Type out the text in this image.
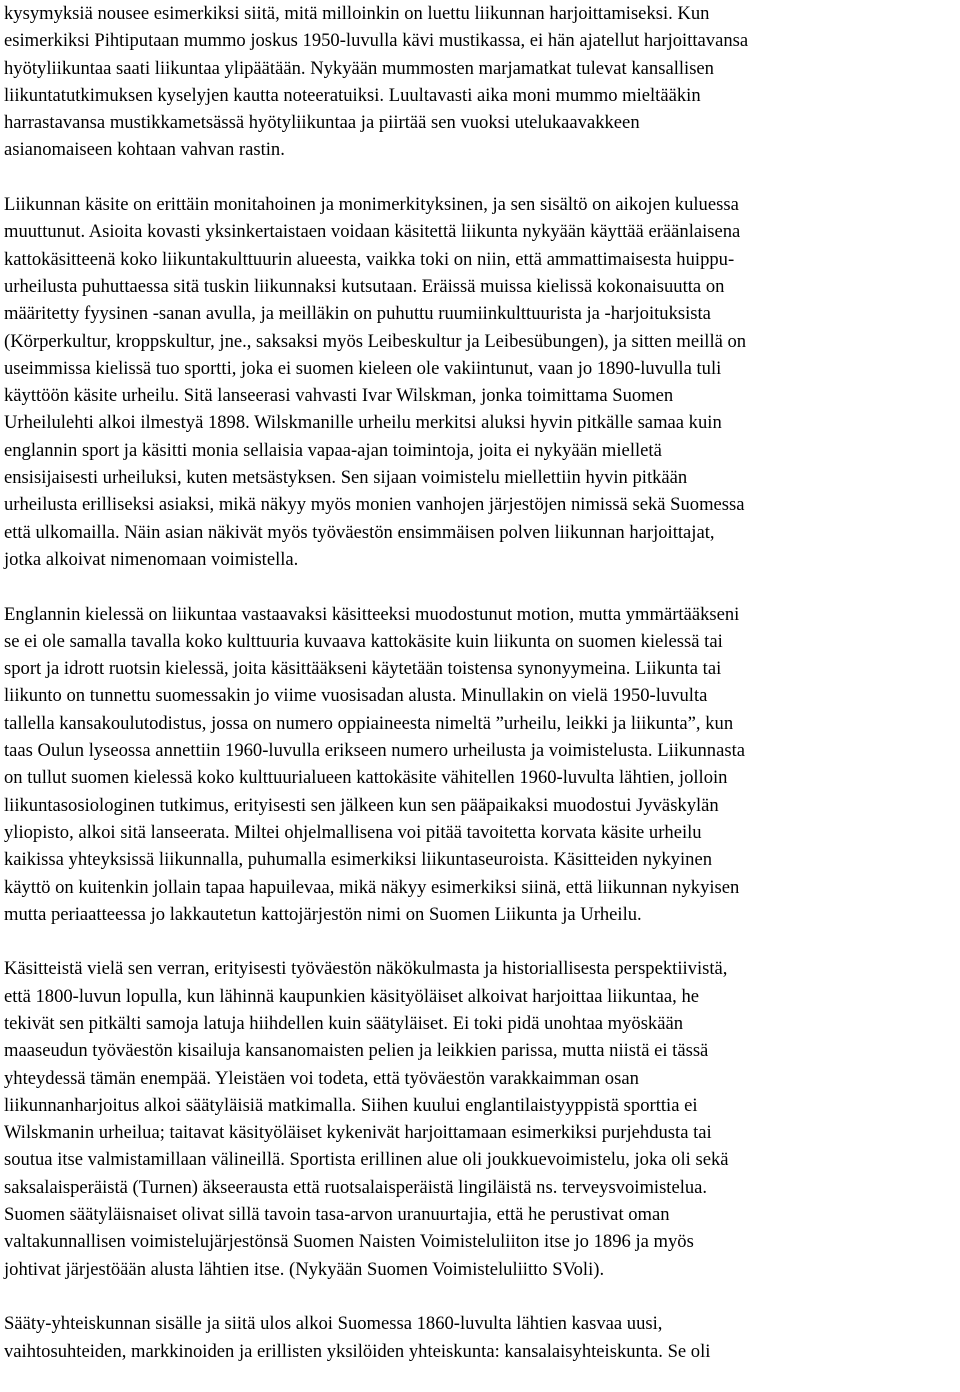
kysymyksiä nousee esimerkiksi siitä, mitä milloinkin on luettu liikunnan harjoittamiseksi. Kun
esimerkiksi Pihtiputaan mummo joskus 1950-luvulla kävi mustikassa, ei hän ajatellut harjoittavansa
hyötyliikuntaa saati liikuntaa ylipäätään. Nykyään mummosten marjamatkat tulevat kansallisen
liikuntatutkimuksen kyselyjen kautta noteeratuiksi. Luultavasti aika moni mummo mieltääkin
harrastavansa mustikkametsässä hyötyliikuntaa ja piirtää sen vuoksi utelukaavakkeen
asianomaiseen kohtaan vahvan rastin.

Liikunnan käsite on erittäin monitahoinen ja monimerkityksinen, ja sen sisältö on aikojen kuluessa
muuttunut. Asioita kovasti yksinkertaistaen voidaan käsitettä liikunta nykyään käyttää eräänlaisena
kattokäsitteenä koko liikuntakulttuurin alueesta, vaikka toki on niin, että ammattimaisesta huippu-
urheilusta puhuttaessa sitä tuskin liikunnaksi kutsutaan. Eräissä muissa kielissä kokonaisuutta on
määritetty fyysinen -sanan avulla, ja meilläkin on puhuttu ruumiinkulttuurista ja -harjoituksista
(Körperkultur, kroppskultur, jne., saksaksi myös Leibeskultur ja Leibesübungen), ja sitten meillä on
useimmissa kielissä tuo sportti, joka ei suomen kieleen ole vakiintunut, vaan jo 1890-luvulla tuli
käyttöön käsite urheilu. Sitä lanseerasi vahvasti Ivar Wilskman, jonka toimittama Suomen
Urheilulehti alkoi ilmestyä 1898. Wilskmanille urheilu merkitsi aluksi hyvin pitkälle samaa kuin
englannin sport ja käsitti monia sellaisia vapaa-ajan toimintoja, joita ei nykyään mielletä
ensisijaisesti urheiluksi, kuten metsästyksen. Sen sijaan voimistelu miellettiin hyvin pitkään
urheilusta erilliseksi asiaksi, mikä näkyy myös monien vanhojen järjestöjen nimissä sekä Suomessa
että ulkomailla. Näin asian näkivät myös työväestön ensimmäisen polven liikunnan harjoittajat,
jotka alkoivat nimenomaan voimistella.

Englannin kielessä on liikuntaa vastaavaksi käsitteeksi muodostunut motion, mutta ymmärtääkseni
se ei ole samalla tavalla koko kulttuuria kuvaava kattokäsite kuin liikunta on suomen kielessä tai
sport ja idrott ruotsin kielessä, joita käsittääkseni käytetään toistensa synonyymeina. Liikunta tai
liikunto on tunnettu suomessakin jo viime vuosisadan alusta. Minullakin on vielä 1950-luvulta
tallella kansakoulutodistus, jossa on numero oppiaineesta nimeltä ”urheilu, leikki ja liikunta”, kun
taas Oulun lyseossa annettiin 1960-luvulla erikseen numero urheilusta ja voimistelusta. Liikunnasta
on tullut suomen kielessä koko kulttuurialueen kattokäsite vähitellen 1960-luvulta lähtien, jolloin
liikuntasosiologinen tutkimus, erityisesti sen jälkeen kun sen pääpaikaksi muodostui Jyväskylän
yliopisto, alkoi sitä lanseerata. Miltei ohjelmallisena voi pitää tavoitetta korvata käsite urheilu
kaikissa yhteyksissä liikunnalla, puhumalla esimerkiksi liikuntaseuroista. Käsitteiden nykyinen
käyttö on kuitenkin jollain tapaa hapuilevaa, mikä näkyy esimerkiksi siinä, että liikunnan nykyisen
mutta periaatteessa jo lakkautetun kattojärjestön nimi on Suomen Liikunta ja Urheilu.

Käsitteistä vielä sen verran, erityisesti työväestön näkökulmasta ja historiallisesta perspektiivistä,
että 1800-luvun lopulla, kun lähinnä kaupunkien käsityöläiset alkoivat harjoittaa liikuntaa, he
tekivät sen pitkälti samoja latuja hiihdellen kuin säätyläiset. Ei toki pidä unohtaa myöskään
maaseudun työväestön kisailuja kansanomaisten pelien ja leikkien parissa, mutta niistä ei tässä
yhteydessä tämän enempää. Yleistäen voi todeta, että työväestön varakkaimman osan
liikunnanharjoitus alkoi säätyläisiä matkimalla. Siihen kuului englantilaistyyppistä sporttia ei
Wilskmanin urheilua; taitavat käsityöläiset kykenivät harjoittamaan esimerkiksi purjehdusta tai
soutua itse valmistamillaan välineillä. Sportista erillinen alue oli joukkuevoimistelu, joka oli sekä
saksalaisperäistä (Turnen) äkseerausta että ruotsalaisperäistä lingiläistä ns. terveysvoimistelua.
Suomen säätyläisnaiset olivat sillä tavoin tasa-arvon uranuurtajia, että he perustivat oman
valtakunnallisen voimistelujärjestönsä Suomen Naisten Voimisteluliiton itse jo 1896 ja myös
johtivat järjestöään alusta lähtien itse. (Nykyään Suomen Voimisteluliitto SVoli).

Sääty-yhteiskunnan sisälle ja siitä ulos alkoi Suomessa 1860-luvulta lähtien kasvaa uusi,
vaihtosuhteiden, markkinoiden ja erillisten yksilöiden yhteiskunta: kansalaisyhteiskunta. Se oli
